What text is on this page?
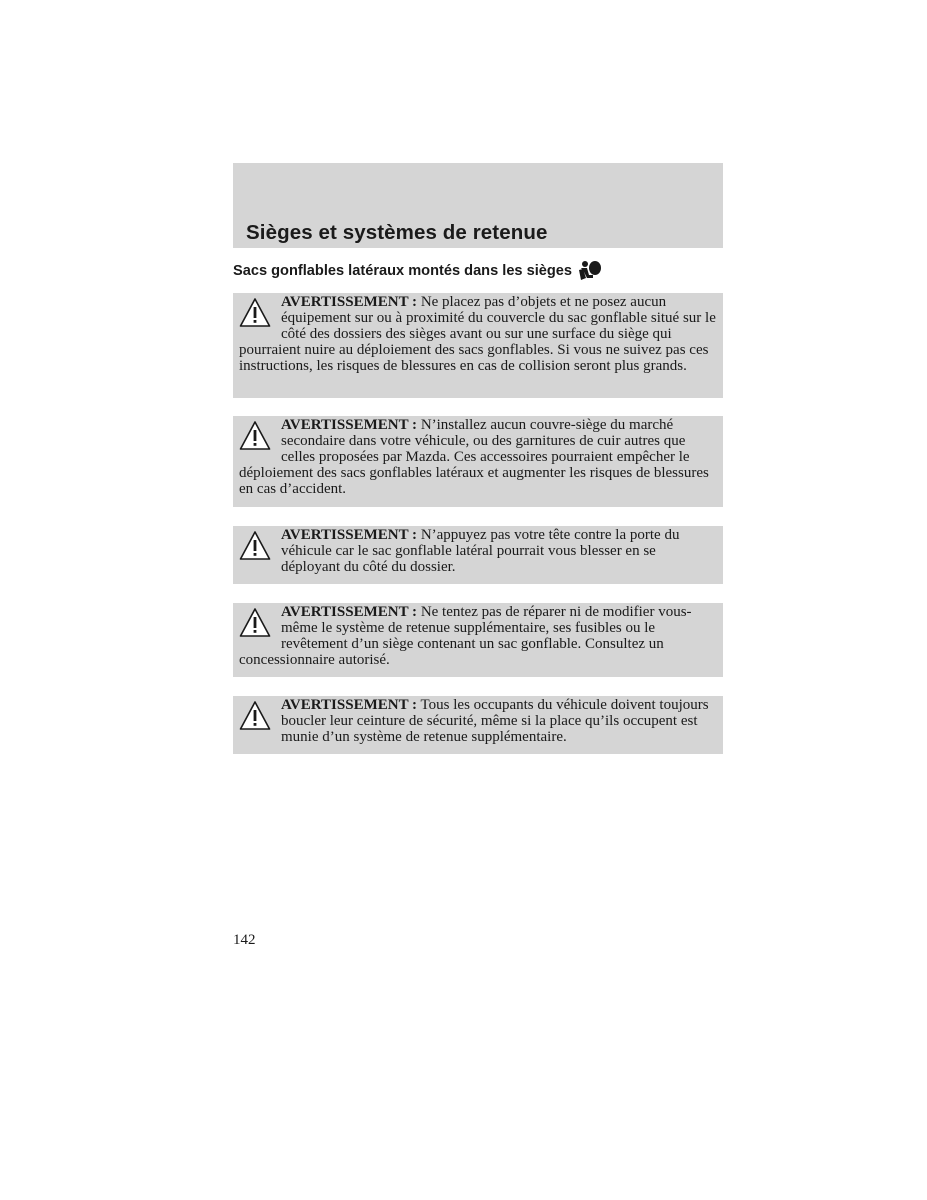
Sièges et systèmes de retenue
Sacs gonflables latéraux montés dans les sièges

AVERTISSEMENT : Ne placez pas d’objets et ne posez aucun équipement sur ou à proximité du couvercle du sac gonflable situé sur le côté des dossiers des sièges avant ou sur une surface du siège qui pourraient nuire au déploiement des sacs gonflables. Si vous ne suivez pas ces instructions, les risques de blessures en cas de collision seront plus grands.

AVERTISSEMENT : N’installez aucun couvre-siège du marché secondaire dans votre véhicule, ou des garnitures de cuir autres que celles proposées par Mazda. Ces accessoires pourraient empêcher le déploiement des sacs gonflables latéraux et augmenter les risques de blessures en cas d’accident.

AVERTISSEMENT : N’appuyez pas votre tête contre la porte du véhicule car le sac gonflable latéral pourrait vous blesser en se déployant du côté du dossier.

AVERTISSEMENT : Ne tentez pas de réparer ni de modifier vous-même le système de retenue supplémentaire, ses fusibles ou le revêtement d’un siège contenant un sac gonflable. Consultez un concessionnaire autorisé.

AVERTISSEMENT : Tous les occupants du véhicule doivent toujours boucler leur ceinture de sécurité, même si la place qu’ils occupent est munie d’un système de retenue supplémentaire.

142
